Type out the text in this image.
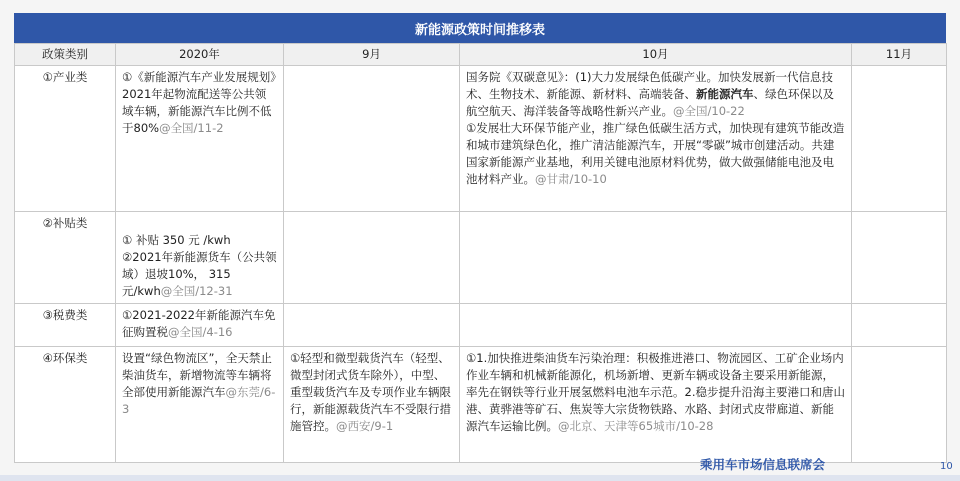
新能源政策时间推移表
政策类别	2020年	9月	10月	11月
①产业类	①《新能源汽车产业发展规划》2021年起物流配送等公共领域车辆，新能源汽车比例不低于80%@全国/11-2		国务院《双碳意见》：(1)大力发展绿色低碳产业。加快发展新一代信息技术、生物技术、新能源、新材料、高端装备、新能源汽车、绿色环保以及航空航天、海洋装备等战略性新兴产业。@全国/10-22
①发展壮大环保节能产业，推广绿色低碳生活方式，加快现有建筑节能改造和城市建筑绿色化，推广清洁能源汽车，开展“零碳”城市创建活动。共建国家新能源产业基地，利用关键电池原材料优势，做大做强储能电池及电池材料产业。@甘肃/10-10	

②补贴类	① 补贴 350 元 /kwh
②2021年新能源货车（公共领域）退坡10%， 315元/kwh@全国/12-31

③税费类	①2021-2022年新能源汽车免征购置税@全国/4-16			
④环保类	设置“绿色物流区”，全天禁止柴油货车，新增物流等车辆将全部使用新能源汽车@东莞/6-3	①轻型和微型载货汽车（轻型、微型封闭式货车除外），中型、重型载货汽车及专项作业车辆限行，新能源载货汽车不受限行措施管控。@西安/9-1	①1.加快推进柴油货车污染治理：积极推进港口、物流园区、工矿企业场内作业车辆和机械新能源化，机场新增、更新车辆或设备主要采用新能源，率先在钢铁等行业开展氢燃料电池车示范。2.稳步提升沿海主要港口和唐山港、黄骅港等矿石、焦炭等大宗货物铁路、水路、封闭式皮带廊道、新能源汽车运输比例。@北京、天津等65城市/10-28	
乘用车市场信息联席会	10
